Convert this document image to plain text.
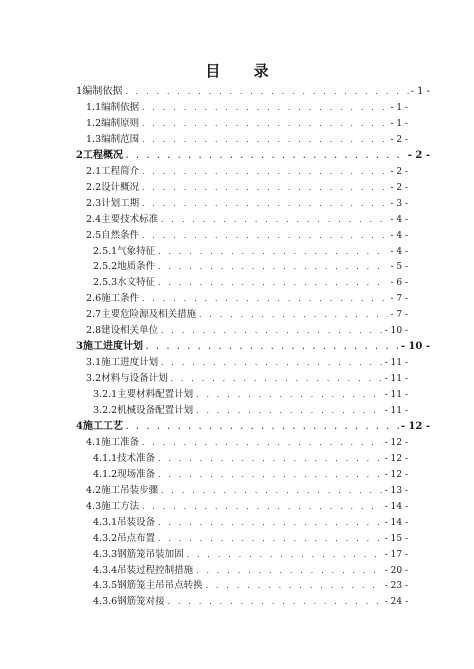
目 录
1编制依据 . . .	- 1 -
1.1编制依据 . . .	- 1 -
1.2编制原则 . . .	- 1 -
1.3编制范围 . . .	- 2 -
2工程概况 . . .	- 2 -
2.1工程简介 . . .	- 2 -
2.2设计概况 . . .	- 2 -
2.3计划工期 . . .	- 3 -
2.4主要技术标准 . . .	- 4 -
2.5自然条件 . . .	- 4 -
2.5.1气象特征 . . .	- 4 -
2.5.2地质条件 . . .	- 5 -
2.5.3水文特征 . . .	- 6 -
2.6施工条件 . . .	- 7 -
2.7主要危险源及相关措施 . . .	- 7 -
2.8建设相关单位 . . .	- 10 -
3施工进度计划 . . .	- 10 -
3.1施工进度计划 . . .	- 11 -
3.2材料与设备计划 . . .	- 11 -
3.2.1主要材料配置计划 . . .	- 11 -
3.2.2机械设备配置计划 . . .	- 11 -
4施工工艺 . . .	- 12 -
4.1施工准备 . . .	- 12 -
4.1.1技术准备 . . .	- 12 -
4.1.2现场准备 . . .	- 12 -
4.2施工吊装步骤 . . .	- 13 -
4.3施工方法 . . .	- 14 -
4.3.1吊装设备 . . .	- 14 -
4.3.2吊点布置 . . .	- 15 -
4.3.3钢筋笼吊装加固 . . .	- 17 -
4.3.4吊装过程控制措施 . . .	- 20 -
4.3.5钢筋笼主吊吊点转换 . . .	- 23 -
4.3.6钢筋笼对接 . . .	- 24 -
